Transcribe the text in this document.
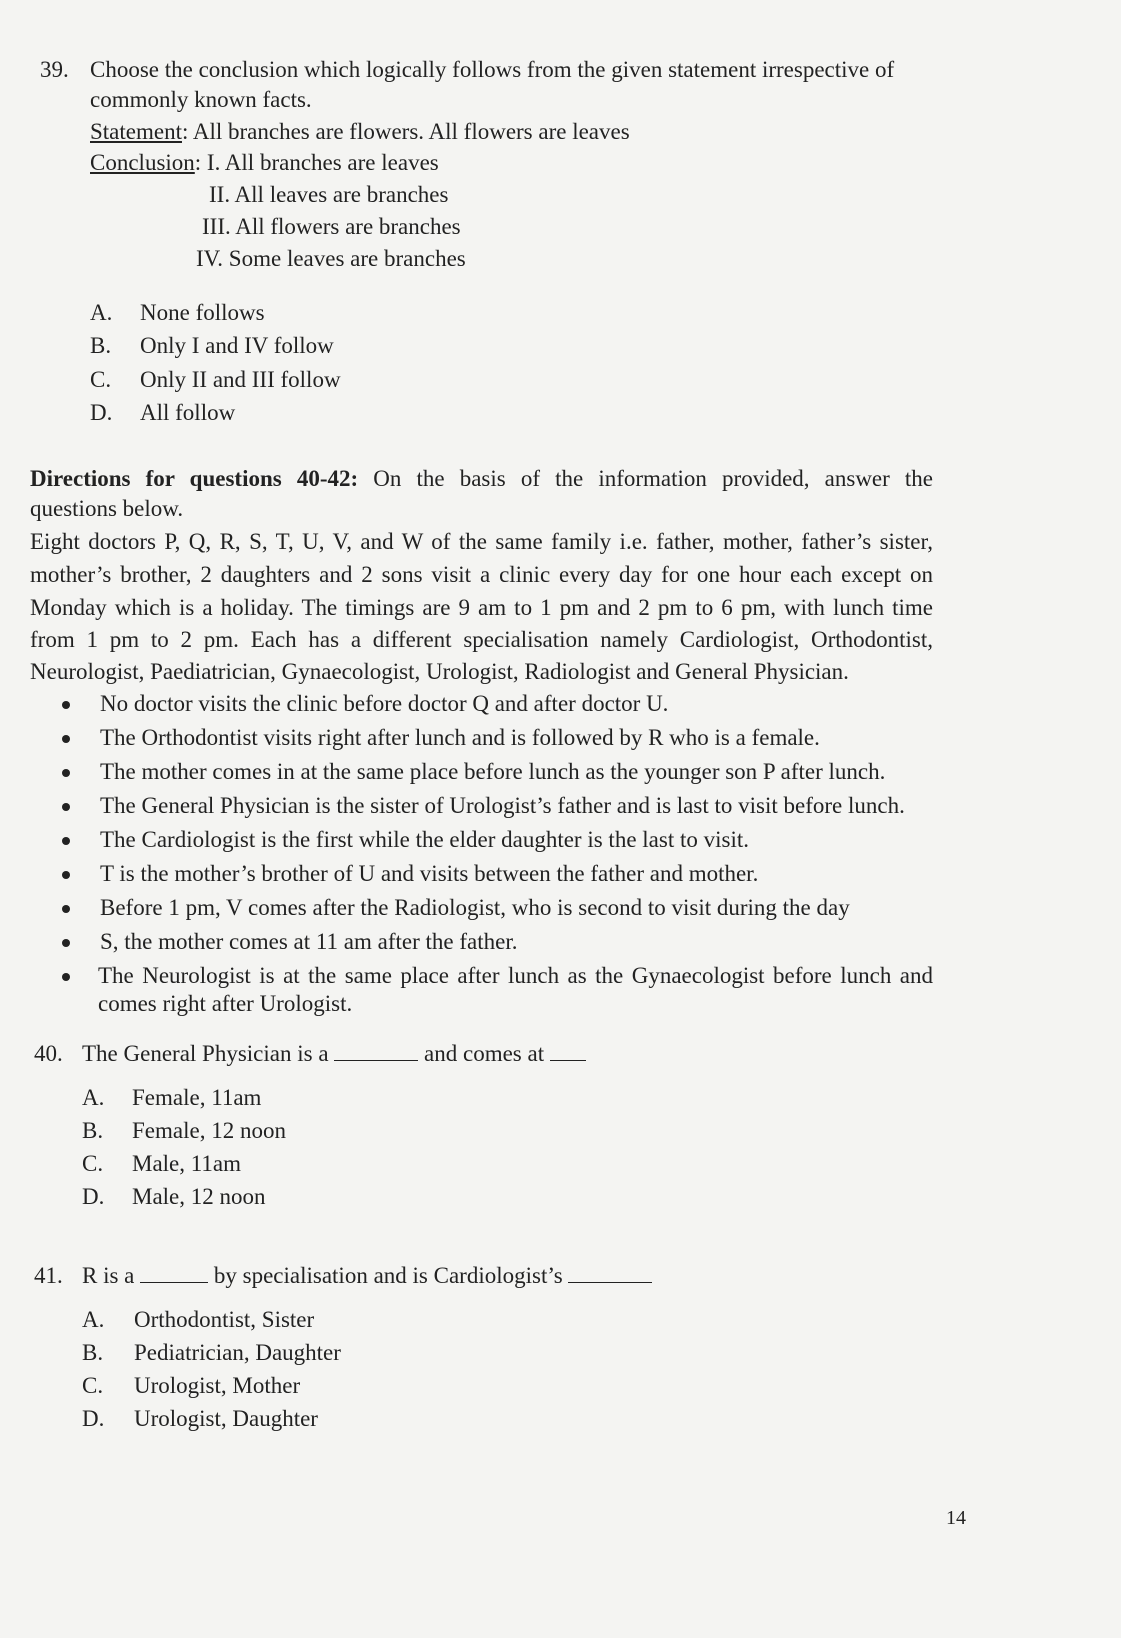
39. Choose the conclusion which logically follows from the given statement irrespective of
commonly known facts.
Statement: All branches are flowers. All flowers are leaves
Conclusion: I. All branches are leaves
II. All leaves are branches
III. All flowers are branches
IV. Some leaves are branches
A. None follows
B. Only I and IV follow
C. Only II and III follow
D. All follow
Directions for questions 40-42: On the basis of the information provided, answer the
questions below.
Eight doctors P, Q, R, S, T, U, V, and W of the same family i.e. father, mother, father’s sister,
mother’s brother, 2 daughters and 2 sons visit a clinic every day for one hour each except on
Monday which is a holiday. The timings are 9 am to 1 pm and 2 pm to 6 pm, with lunch time
from 1 pm to 2 pm. Each has a different specialisation namely Cardiologist, Orthodontist,
Neurologist, Paediatrician, Gynaecologist, Urologist, Radiologist and General Physician.
No doctor visits the clinic before doctor Q and after doctor U.
The Orthodontist visits right after lunch and is followed by R who is a female.
The mother comes in at the same place before lunch as the younger son P after lunch.
The General Physician is the sister of Urologist’s father and is last to visit before lunch.
The Cardiologist is the first while the elder daughter is the last to visit.
T is the mother’s brother of U and visits between the father and mother.
Before 1 pm, V comes after the Radiologist, who is second to visit during the day
S, the mother comes at 11 am after the father.
The Neurologist is at the same place after lunch as the Gynaecologist before lunch and
comes right after Urologist.
40. The General Physician is a	and comes at
A. Female, 11am
B. Female, 12 noon
C. Male, 11am
D. Male, 12 noon
41. R is a	by specialisation and is Cardiologist’s
A. Orthodontist, Sister
B. Pediatrician, Daughter
C. Urologist, Mother
D. Urologist, Daughter
14
